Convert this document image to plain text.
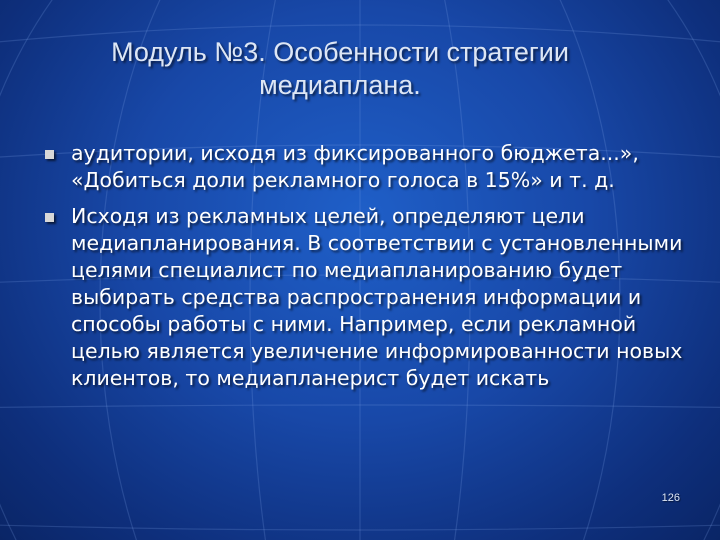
Модуль №3. Особенности стратегии медиаплана.
аудитории, исходя из фиксированного бюджета...», «Добиться доли рекламного голоса в 15%» и т. д.
Исходя из рекламных целей, определяют цели медиапланирования. В соответствии с установленными целями специалист по медиапланированию будет выбирать средства распространения информации и способы работы с ними. Например, если рекламной целью является увеличение информированности новых клиентов, то медиапланерист будет искать
126
